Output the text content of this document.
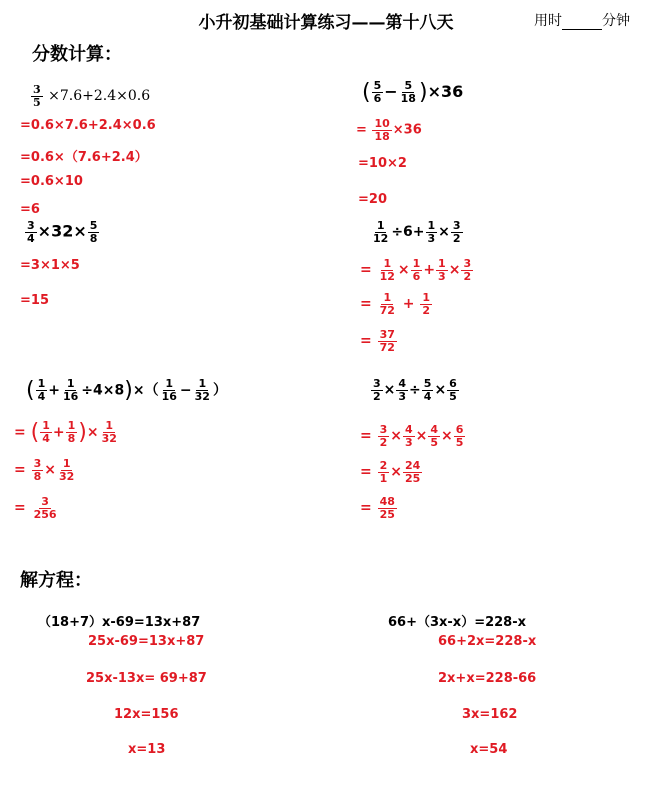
小升初基础计算练习——第十八天	用时	分钟
分数计算：
$\frac{3}{5} \times 7.6+2.4\times 0.6$
=0.6×7.6+2.4×0.6
=0.6×（7.6+2.4）
=0.6×10
=6
( $\frac{5}{6} - \frac{5}{18} )\times 36$
= $\frac{10}{18} \times 36$
=10×2
=20
$\frac{3}{4} \times 32\times \frac{5}{8}$
=3×1×5
=15
$\frac{1}{12} \div 6+ \frac{1}{3} \times \frac{3}{2}$
= $\frac{1}{12} \times \frac{1}{6} + \frac{1}{3} \times \frac{3}{2}$
= $\frac{1}{72} + \frac{1}{2}$
= $\frac{37}{72}$
( $\frac{1}{4} + \frac{1}{16} \div 4\times 8)\times( \frac{1}{16} - \frac{1}{32}$ ）
= ( $\frac{1}{4} + \frac{1}{8}$ )× $\frac{1}{32}$
= $\frac{3}{8} \times \frac{1}{32}$
= $\frac{3}{256}$
$\frac{3}{2} \times \frac{4}{3} \div \frac{5}{4} \times \frac{6}{5}$
= $\frac{3}{2} \times \frac{4}{3} \times \frac{4}{5} \times \frac{6}{5}$
= $\frac{2}{1} \times \frac{24}{25}$
= $\frac{48}{25}$
解方程：
（18+7）x-69=13x+87
25x-69=13x+87
25x-13x= 69+87
12x=156
x=13
66+（3x-x）=228-x
66+2x=228-x
2x+x=228-66
3x=162
x=54
